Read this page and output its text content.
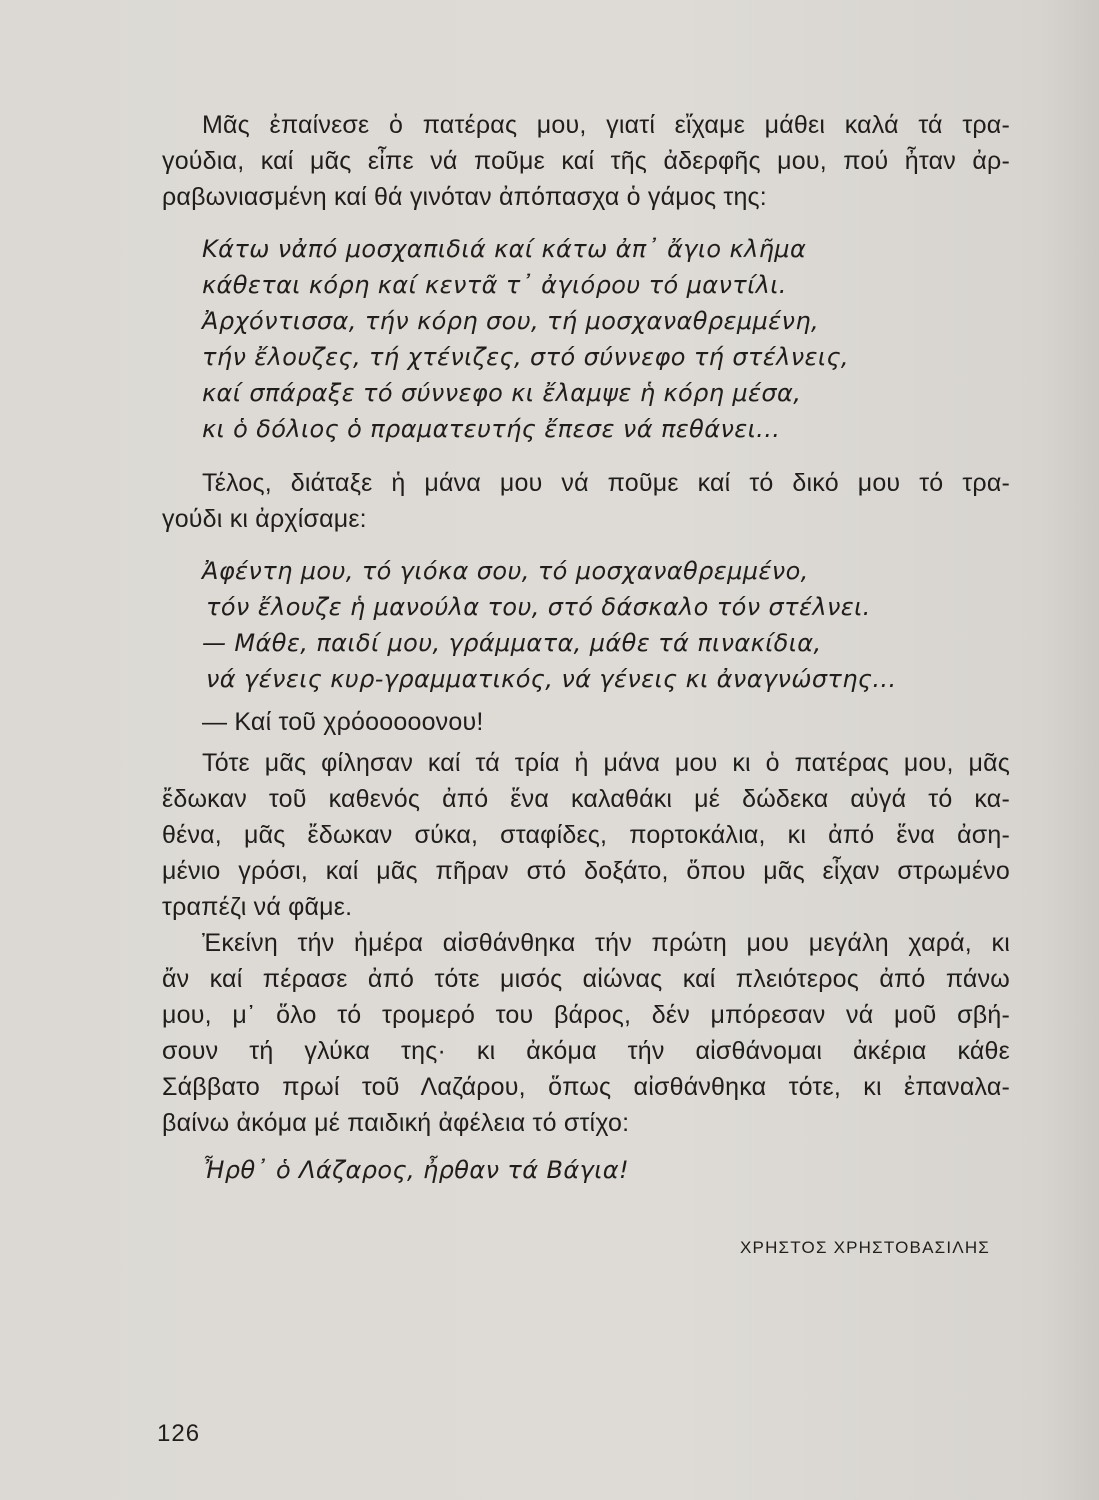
Μᾶς ἐπαίνεσε ὁ πατέρας μου, γιατί εἴχαμε μάθει καλά τά τρα-
γούδια, καί μᾶς εἶπε νά ποῦμε καί τῆς ἀδερφῆς μου, πού ἦταν ἀρ-
ραβωνιασμένη καί θά γινόταν ἀπόπασχα ὁ γάμος της:
Κάτω νἀπό μοσχαπιδιά καί κάτω ἀπ᾽ ἄγιο κλῆμα
κάθεται κόρη καί κεντᾶ τ᾽ ἀγιόρου τό μαντίλι.
Ἀρχόντισσα, τήν κόρη σου, τή μοσχαναθρεμμένη,
τήν ἔλουζες, τή χτένιζες, στό σύννεφο τή στέλνεις,
καί σπάραξε τό σύννεφο κι ἔλαμψε ἡ κόρη μέσα,
κι ὁ δόλιος ὁ πραματευτής ἔπεσε νά πεθάνει...
Τέλος, διάταξε ἡ μάνα μου νά ποῦμε καί τό δικό μου τό τρα-
γούδι κι ἀρχίσαμε:
Ἀφέντη μου, τό γιόκα σου, τό μοσχαναθρεμμένο,
τόν ἔλουζε ἡ μανούλα του, στό δάσκαλο τόν στέλνει.
— Μάθε, παιδί μου, γράμματα, μάθε τά πινακίδια,
νά γένεις κυρ-γραμματικός, νά γένεις κι ἀναγνώστης...
— Καί τοῦ χρόοοοοονου!
Τότε μᾶς φίλησαν καί τά τρία ἡ μάνα μου κι ὁ πατέρας μου, μᾶς
ἔδωκαν τοῦ καθενός ἀπό ἕνα καλαθάκι μέ δώδεκα αὐγά τό κα-
θένα, μᾶς ἔδωκαν σύκα, σταφίδες, πορτοκάλια, κι ἀπό ἕνα ἀση-
μένιο γρόσι, καί μᾶς πῆραν στό δοξάτο, ὅπου μᾶς εἶχαν στρωμένο
τραπέζι νά φᾶμε.
Ἐκείνη τήν ἡμέρα αἰσθάνθηκα τήν πρώτη μου μεγάλη χαρά, κι
ἄν καί πέρασε ἀπό τότε μισός αἰώνας καί πλειότερος ἀπό πάνω
μου, μ᾽ ὅλο τό τρομερό του βάρος, δέν μπόρεσαν νά μοῦ σβή-
σουν τή γλύκα της· κι ἀκόμα τήν αἰσθάνομαι ἀκέρια κάθε
Σάββατο πρωί τοῦ Λαζάρου, ὅπως αἰσθάνθηκα τότε, κι ἐπαναλα-
βαίνω ἀκόμα μέ παιδική ἀφέλεια τό στίχο:
Ἦρθ᾽ ὁ Λάζαρος, ἦρθαν τά Βάγια!
ΧΡΗΣΤΟΣ ΧΡΗΣΤΟΒΑΣΙΛΗΣ
126
